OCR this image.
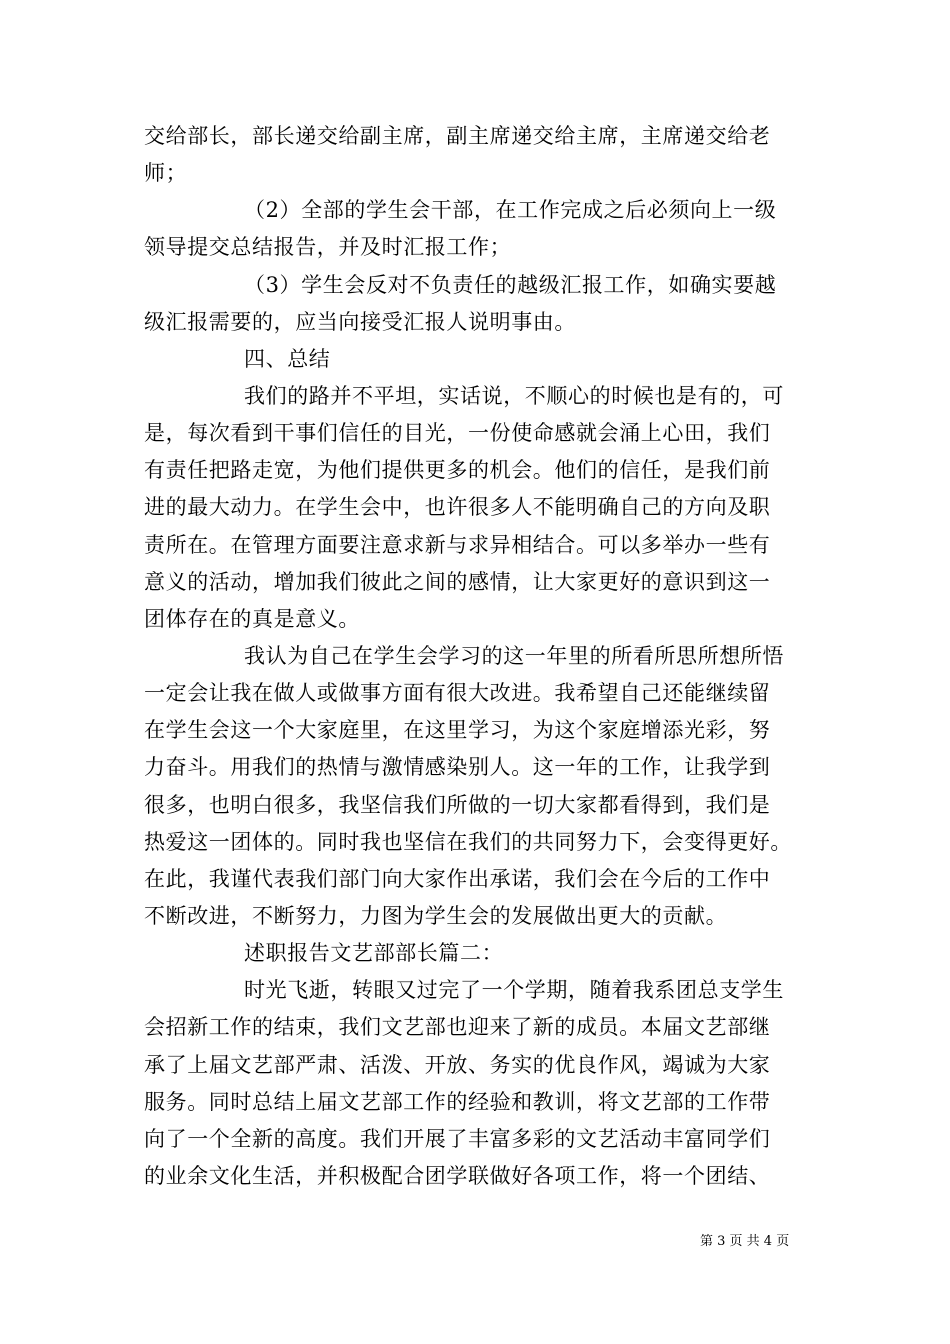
交给部长，部长递交给副主席，副主席递交给主席，主席递交给老
师；
（2）全部的学生会干部，在工作完成之后必须向上一级
领导提交总结报告，并及时汇报工作；
（3）学生会反对不负责任的越级汇报工作，如确实要越
级汇报需要的，应当向接受汇报人说明事由。
四、总结
我们的路并不平坦，实话说，不顺心的时候也是有的，可
是，每次看到干事们信任的目光，一份使命感就会涌上心田，我们
有责任把路走宽，为他们提供更多的机会。他们的信任，是我们前
进的最大动力。在学生会中，也许很多人不能明确自己的方向及职
责所在。在管理方面要注意求新与求异相结合。可以多举办一些有
意义的活动，增加我们彼此之间的感情，让大家更好的意识到这一
团体存在的真是意义。
我认为自己在学生会学习的这一年里的所看所思所想所悟
一定会让我在做人或做事方面有很大改进。我希望自己还能继续留
在学生会这一个大家庭里，在这里学习，为这个家庭增添光彩，努
力奋斗。用我们的热情与激情感染别人。这一年的工作，让我学到
很多，也明白很多，我坚信我们所做的一切大家都看得到，我们是
热爱这一团体的。同时我也坚信在我们的共同努力下，会变得更好。
在此，我谨代表我们部门向大家作出承诺，我们会在今后的工作中
不断改进，不断努力，力图为学生会的发展做出更大的贡献。
述职报告文艺部部长篇二：
时光飞逝，转眼又过完了一个学期，随着我系团总支学生
会招新工作的结束，我们文艺部也迎来了新的成员。本届文艺部继
承了上届文艺部严肃、活泼、开放、务实的优良作风，竭诚为大家
服务。同时总结上届文艺部工作的经验和教训，将文艺部的工作带
向了一个全新的高度。我们开展了丰富多彩的文艺活动丰富同学们
的业余文化生活，并积极配合团学联做好各项工作，将一个团结、
第 3 页 共 4 页
